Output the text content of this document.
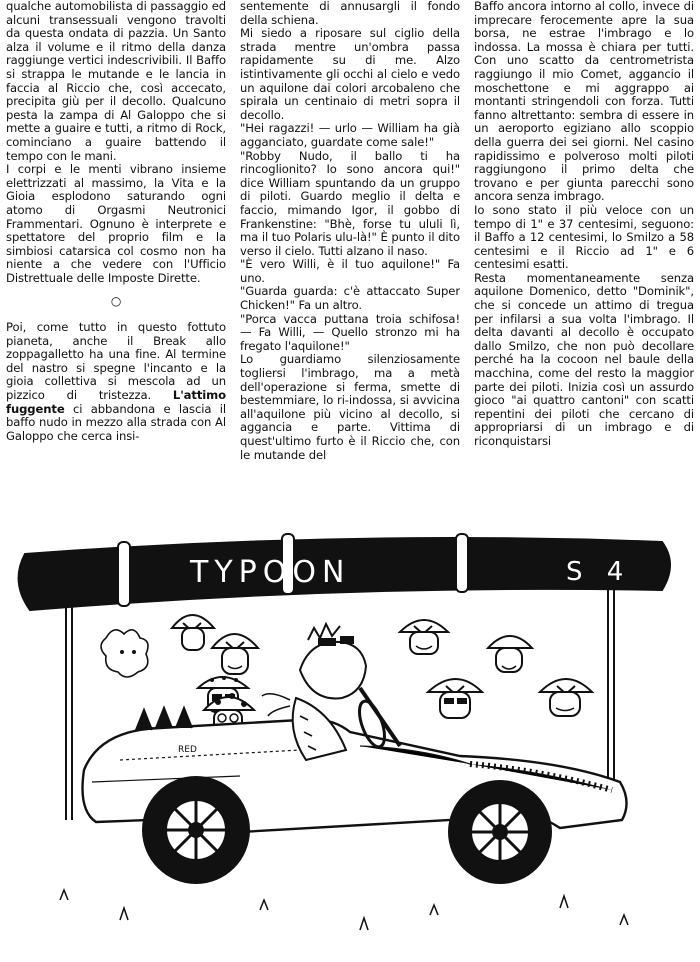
qualche automobilista di passaggio ed alcuni transessuali vengono travolti da questa ondata di pazzia. Un Santo alza il volume e il ritmo della danza raggiunge vertici indescrivibili. Il Baffo si strappa le mutande e le lancia in faccia al Riccio che, così accecato, precipita giù per il decollo. Qualcuno pesta la zampa di Al Galoppo che si mette a guaire e tutti, a ritmo di Rock, cominciano a guaire battendo il tempo con le mani.

I corpi e le menti vibrano insieme elettrizzati al massimo, la Vita e la Gioia esplodono saturando ogni atomo di Orgasmi Neutronici Frammentari. Ognuno è interprete e spettatore del proprio film e la simbiosi catarsica col cosmo non ha niente a che vedere con l'Ufficio Distrettuale delle Imposte Dirette.

○

Poi, come tutto in questo fottuto pianeta, anche il Break allo zoppagalletto ha una fine. Al termine del nastro si spegne l'incanto e la gioia collettiva si mescola ad un pizzico di tristezza. L'attimo fuggente ci abbandona e lascia il baffo nudo in mezzo alla strada con Al Galoppo che cerca insi-

sentemente di annusargli il fondo della schiena.

Mi siedo a riposare sul ciglio della strada mentre un'ombra passa rapidamente su di me. Alzo istintivamente gli occhi al cielo e vedo un aquilone dai colori arcobaleno che spirala un centinaio di metri sopra il decollo.

"Hei ragazzi! — urlo — William ha già agganciato, guardate come sale!"

"Robby Nudo, il ballo ti ha rincoglionito? Io sono ancora qui!" dice William spuntando da un gruppo di piloti. Guardo meglio il delta e faccio, mimando Igor, il gobbo di Frankenstine: "Bhè, forse tu ululi lì, ma il tuo Polaris ulu-là!" È punto il dito verso il cielo. Tutti alzano il naso.

"È vero Willi, è il tuo aquilone!" Fa uno.

"Guarda guarda: c'è attaccato Super Chicken!" Fa un altro.

"Porca vacca puttana troia schifosa! — Fa Willi, — Quello stronzo mi ha fregato l'aquilone!"

Lo guardiamo silenziosamente togliersi l'imbrago, ma a metà dell'operazione si ferma, smette di bestemmiare, lo ri-indossa, si avvicina all'aquilone più vicino al decollo, si aggancia e parte. Vittima di quest'ultimo furto è il Riccio che, con le mutande del

Baffo ancora intorno al collo, invece di imprecare ferocemente apre la sua borsa, ne estrae l'imbrago e lo indossa. La mossa è chiara per tutti. Con uno scatto da centrometrista raggiungo il mio Comet, aggancio il moschettone e mi aggrappo ai montanti stringendoli con forza. Tutti fanno altrettanto: sembra di essere in un aeroporto egiziano allo scoppio della guerra dei sei giorni. Nel casino rapidissimo e polveroso molti piloti raggiungono il primo delta che trovano e per giunta parecchi sono ancora senza imbrago.

Io sono stato il più veloce con un tempo di 1" e 37 centesimi, seguono: il Baffo a 12 centesimi, lo Smilzo a 58 centesimi e il Riccio ad 1" e 6 centesimi esatti.

Resta momentaneamente senza aquilone Domenico, detto "Dominik", che si concede un attimo di tregua per infilarsi a sua volta l'imbrago. Il delta davanti al decollo è occupato dallo Smilzo, che non può decollare perché ha la cocoon nel baule della macchina, come del resto la maggior parte dei piloti. Inizia così un assurdo gioco "ai quattro cantoni" con scatti repentini dei piloti che cercano di appropriarsi di un imbrago e di riconquistarsi

TYPOON	S 4
RED
